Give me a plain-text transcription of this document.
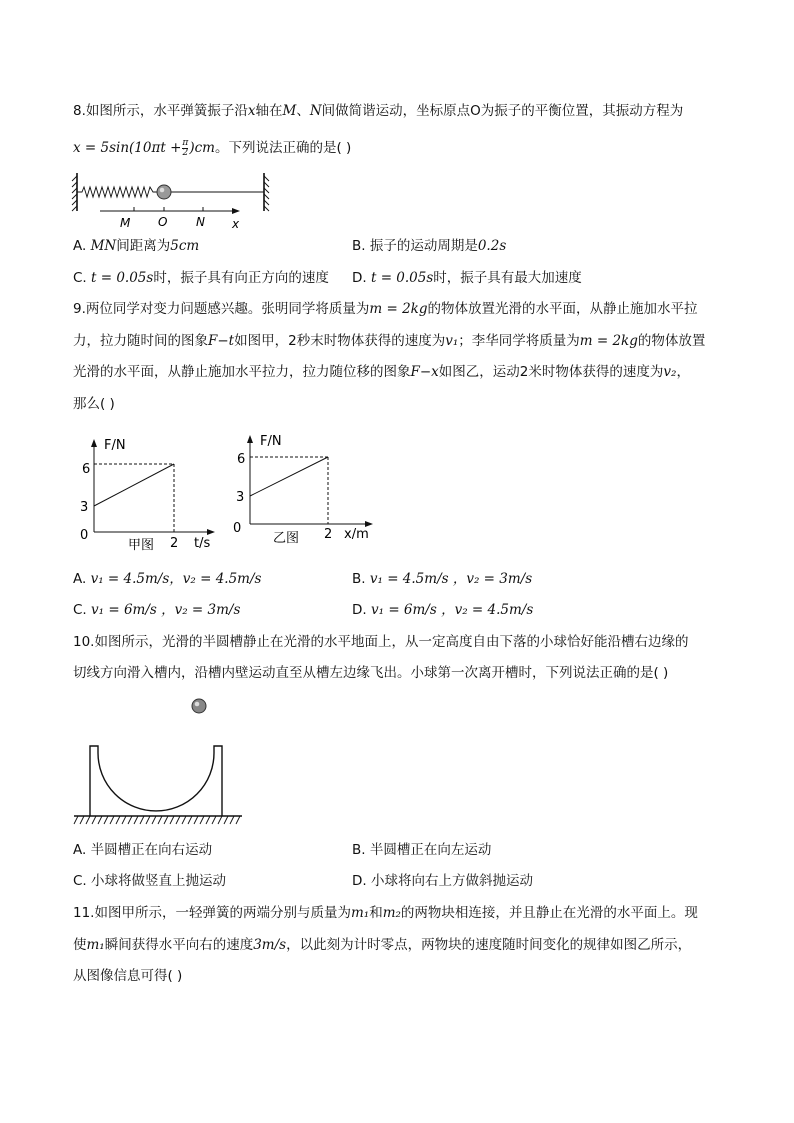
8.如图所示，水平弹簧振子沿x轴在M、N间做简谐运动，坐标原点O为振子的平衡位置，其振动方程为
$x = 5\sin(10\pi t + \frac{\pi}{2} )cm$。下列说法正确的是( )
M O N x
A. MN间距离为5cm	B. 振子的运动周期是0.2s
C. t = 0.05s时，振子具有向正方向的速度 D. t = 0.05s时，振子具有最大加速度
9.两位同学对变力问题感兴趣。张明同学将质量为m = 2kg的物体放置光滑的水平面，从静止施加水平拉
力，拉力随时间的图象F−t如图甲，2秒末时物体获得的速度为v₁；李华同学将质量为m = 2kg的物体放置
光滑的水平面，从静止施加水平拉力，拉力随位移的图象F−x如图乙，运动2米时物体获得的速度为v₂，
那么( )
F/N
6
3
0
2
甲图	t/s
F/N
6
3
0	2
乙图	x/m
A. v₁ = 4.5m/s，v₂ = 4.5m/s	B. v₁ = 4.5m/s ，v₂ = 3m/s
C. v₁ = 6m/s ，v₂ = 3m/s	D. v₁ = 6m/s ，v₂ = 4.5m/s
10.如图所示，光滑的半圆槽静止在光滑的水平地面上，从一定高度自由下落的小球恰好能沿槽右边缘的
切线方向滑入槽内，沿槽内壁运动直至从槽左边缘飞出。小球第一次离开槽时，下列说法正确的是( )
A. 半圆槽正在向右运动	B. 半圆槽正在向左运动
C. 小球将做竖直上抛运动	D. 小球将向右上方做斜抛运动
11.如图甲所示，一轻弹簧的两端分别与质量为m₁和m₂的两物块相连接，并且静止在光滑的水平面上。现
使m₁瞬间获得水平向右的速度3m/s，以此刻为计时零点，两物块的速度随时间变化的规律如图乙所示，
从图像信息可得( )
